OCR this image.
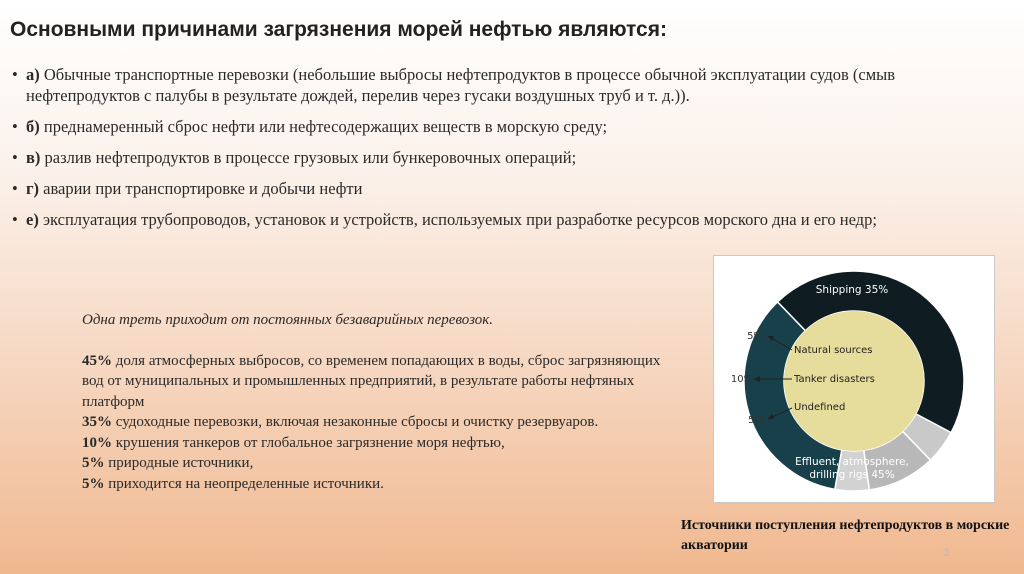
Основными причинами загрязнения морей нефтью являются:
• а) Обычные транспортные перевозки (небольшие выбросы нефтепродуктов в процессе обычной эксплуатации судов (смыв нефтепродуктов с палубы в результате дождей, перелив через гусаки воздушных труб и т. д.)).
• б) преднамеренный сброс нефти или нефтесодержащих веществ в морскую среду;
• в) разлив нефтепродуктов в процессе грузовых или бункеровочных операций;
• г) аварии при транспортировке и добычи нефти
• е) эксплуатация трубопроводов, установок и устройств, используемых при разработке ресурсов морского дна и его недр;
Одна треть приходит от постоянных безаварийных перевозок.
45% доля атмосферных выбросов, со временем попадающих в воды, сброс загрязняющих вод от муниципальных и промышленных предприятий, в результате работы нефтяных платформ
35% судоходные перевозки, включая незаконные сбросы и очистку резервуаров.
10% крушения танкеров от глобальное загрязнение моря нефтью,
5% природные источники,
5% приходится на неопределенные источники.
Shipping 35%
Effluent, atmosphere,
drilling rigs 45%
5%
10%
5%
Natural sources
Tanker disasters
Undefined
Источники поступления нефтепродуктов в морские акватории	3
